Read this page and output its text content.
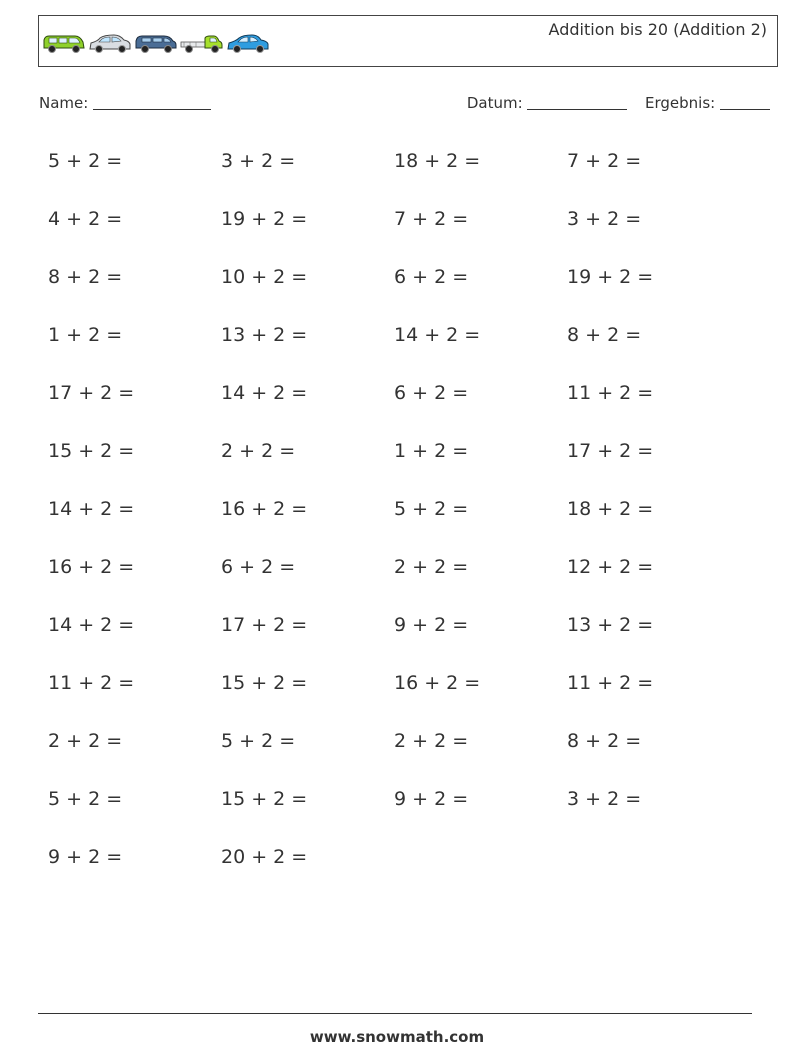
Addition bis 20 (Addition 2)
Name:	Datum:	Ergebnis:
5 + 2 =	3 + 2 =	18 + 2 =	7 + 2 =
4 + 2 =	19 + 2 =	7 + 2 =	3 + 2 =
8 + 2 =	10 + 2 =	6 + 2 =	19 + 2 =
1 + 2 =	13 + 2 =	14 + 2 =	8 + 2 =
17 + 2 =	14 + 2 =	6 + 2 =	11 + 2 =
15 + 2 =	2 + 2 =	1 + 2 =	17 + 2 =
14 + 2 =	16 + 2 =	5 + 2 =	18 + 2 =
16 + 2 =	6 + 2 =	2 + 2 =	12 + 2 =
14 + 2 =	17 + 2 =	9 + 2 =	13 + 2 =
11 + 2 =	15 + 2 =	16 + 2 =	11 + 2 =
2 + 2 =	5 + 2 =	2 + 2 =	8 + 2 =
5 + 2 =	15 + 2 =	9 + 2 =	3 + 2 =
9 + 2 =	20 + 2 =
www.snowmath.com
